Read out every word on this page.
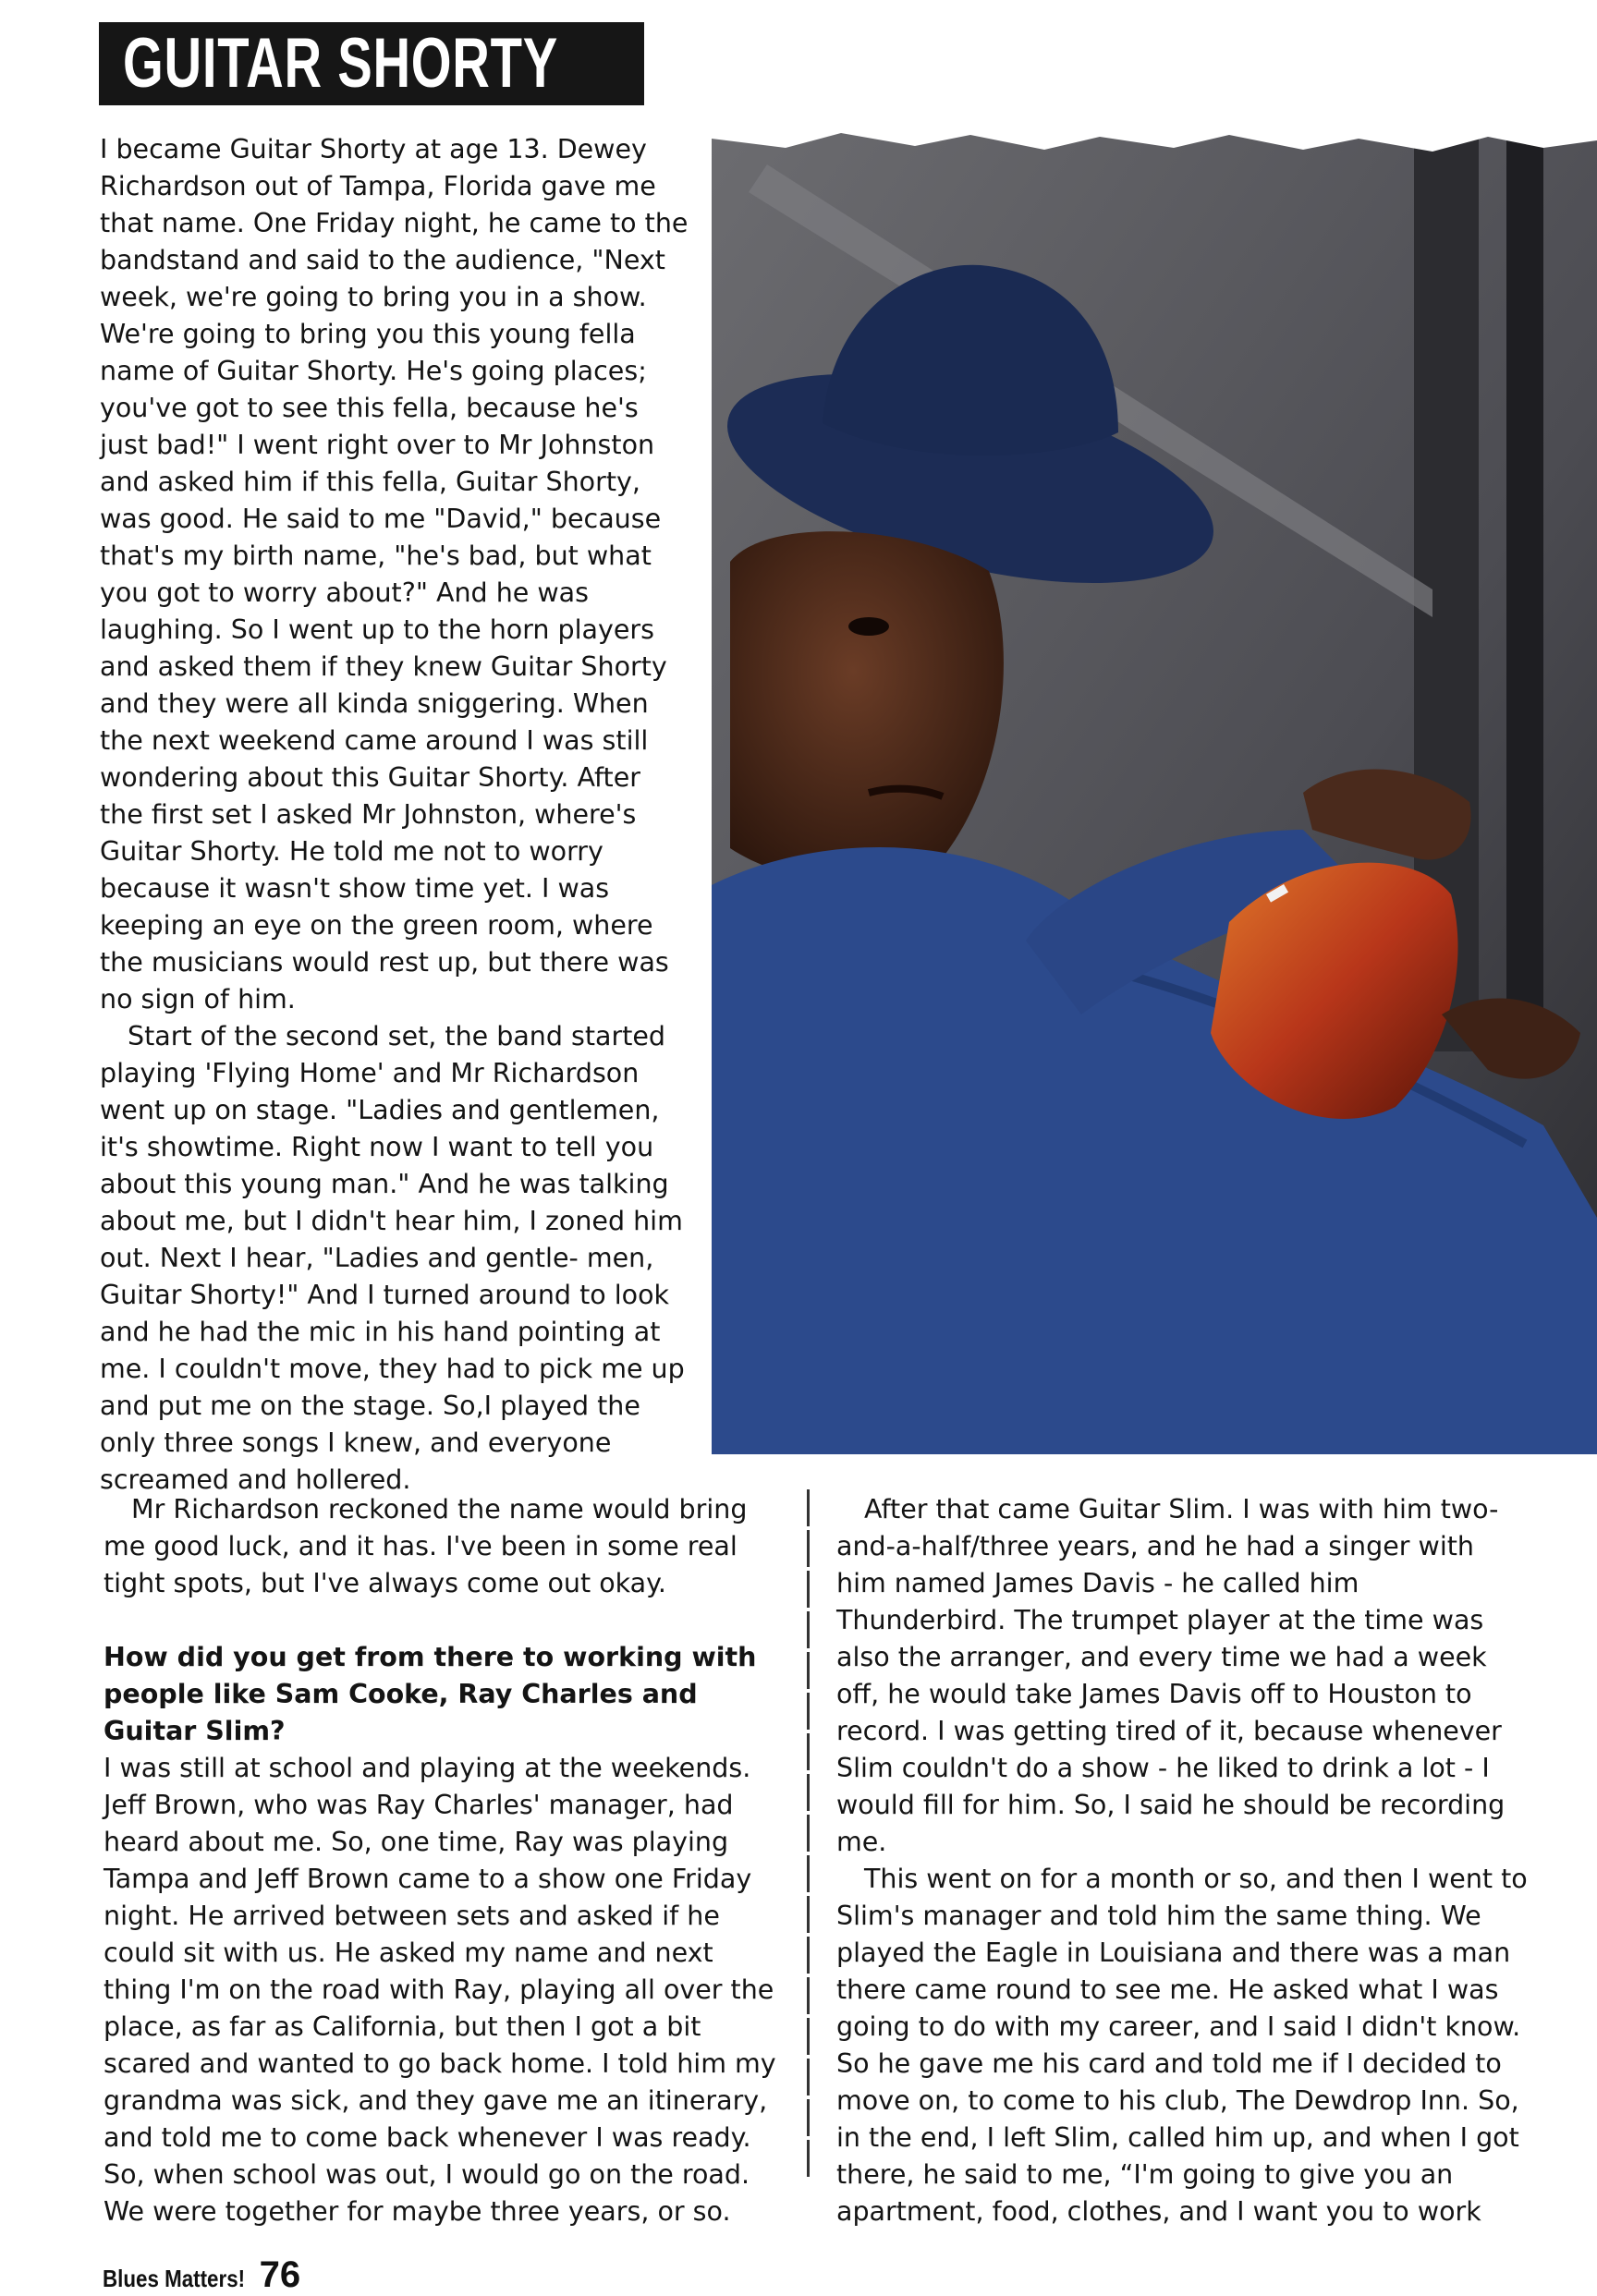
GUITAR SHORTY

I became Guitar Shorty at age 13. Dewey Richardson out of Tampa, Florida gave me that name. One Friday night, he came to the bandstand and said to the audience, "Next week, we're going to bring you in a show. We're going to bring you this young fella name of Guitar Shorty. He's going places; you've got to see this fella, because he's just bad!" I went right over to Mr Johnston and asked him if this fella, Guitar Shorty, was good. He said to me "David," because that's my birth name, "he's bad, but what you got to worry about?" And he was laughing. So I went up to the horn players and asked them if they knew Guitar Shorty and they were all kinda sniggering. When the next weekend came around I was still wondering about this Guitar Shorty. After the first set I asked Mr Johnston, where's Guitar Shorty. He told me not to worry because it wasn't show time yet. I was keeping an eye on the green room, where the musicians would rest up, but there was no sign of him.

Start of the second set, the band started playing 'Flying Home' and Mr Richardson went up on stage. "Ladies and gentlemen, it's showtime. Right now I want to tell you about this young man." And he was talking about me, but I didn't hear him, I zoned him out. Next I hear, "Ladies and gentle- men, Guitar Shorty!" And I turned around to look and he had the mic in his hand pointing at me. I couldn't move, they had to pick me up and put me on the stage. So,I played the only three songs I knew, and everyone screamed and hollered.

Mr Richardson reckoned the name would bring me good luck, and it has. I've been in some real tight spots, but I've always come out okay.

How did you get from there to working with people like Sam Cooke, Ray Charles and Guitar Slim?

I was still at school and playing at the weekends. Jeff Brown, who was Ray Charles' manager, had heard about me. So, one time, Ray was playing Tampa and Jeff Brown came to a show one Friday night. He arrived between sets and asked if he could sit with us. He asked my name and next thing I'm on the road with Ray, playing all over the place, as far as California, but then I got a bit scared and wanted to go back home. I told him my grandma was sick, and they gave me an itinerary, and told me to come back whenever I was ready. So, when school was out, I would go on the road. We were together for maybe three years, or so.

After that came Guitar Slim. I was with him two- and-a-half/three years, and he had a singer with him named James Davis - he called him Thunderbird. The trumpet player at the time was also the arranger, and every time we had a week off, he would take James Davis off to Houston to record. I was getting tired of it, because whenever Slim couldn't do a show - he liked to drink a lot - I would fill for him. So, I said he should be recording me.

This went on for a month or so, and then I went to Slim's manager and told him the same thing. We played the Eagle in Louisiana and there was a man there came round to see me. He asked what I was going to do with my career, and I said I didn't know. So he gave me his card and told me if I decided to move on, to come to his club, The Dewdrop Inn. So, in the end, I left Slim, called him up, and when I got there, he said to me, “I'm going to give you an apartment, food, clothes, and I want you to work

Blues Matters! 76
